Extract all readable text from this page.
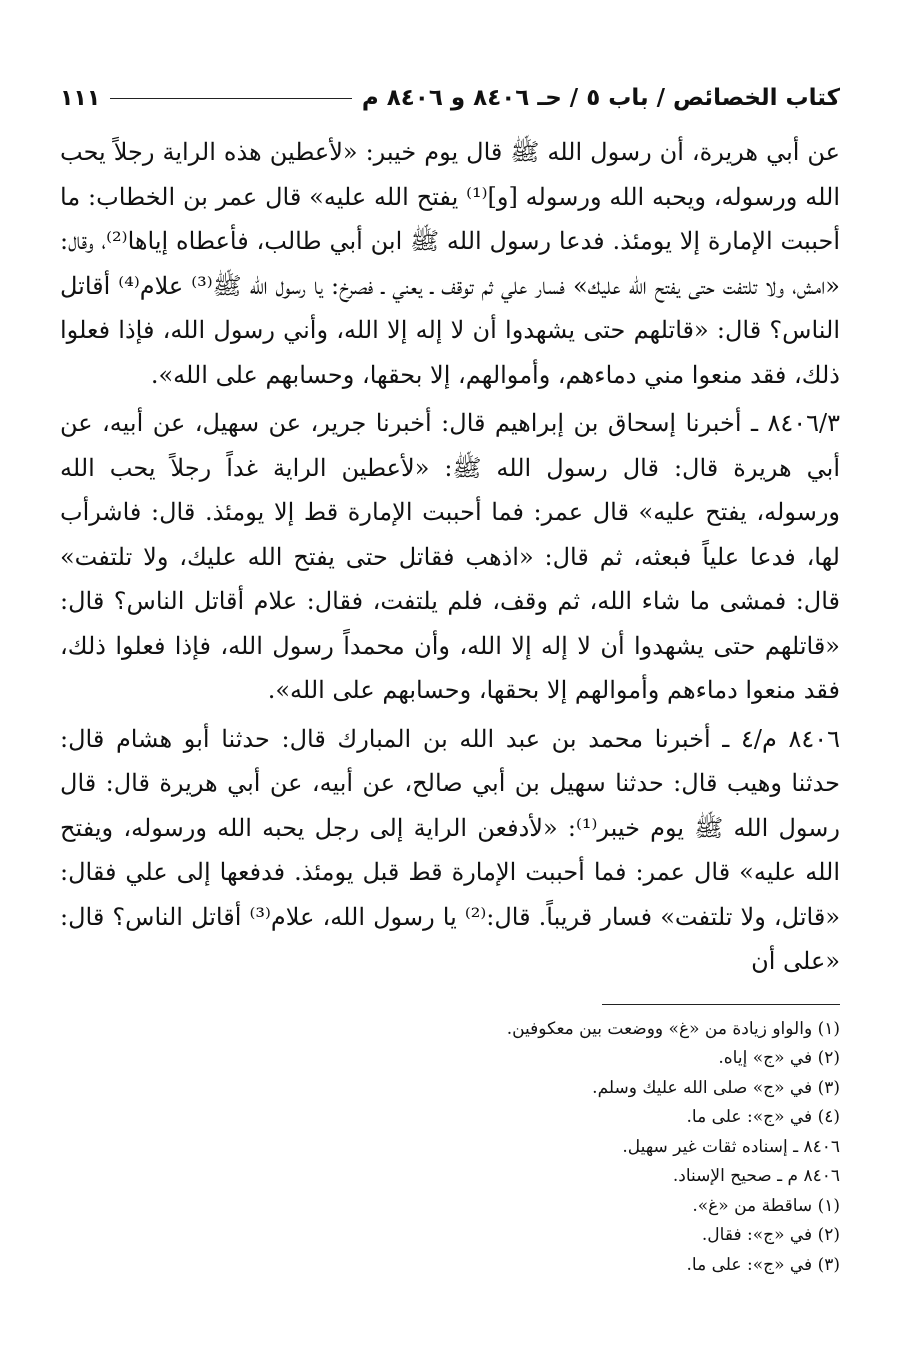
كتاب الخصائص / باب ٥ / حـ ٨٤٠٦ و ٨٤٠٦ م
١١١

عن أبي هريرة، أن رسول الله ﷺ قال يوم خيبر: «لأعطين هذه الراية رجلاً يحب الله ورسوله، ويحبه الله ورسوله [و]⁽¹⁾ يفتح الله عليه» قال عمر بن الخطاب: ما أحببت الإمارة إلا يومئذ. فدعا رسول الله ﷺ ابن أبي طالب، فأعطاه إياها⁽²⁾، وقال: «امش، ولا تلتفت حتى يفتح الله عليك» فسار علي ثم توقف ـ يعني ـ فصرخ: يا رسول الله ﷺ⁽³⁾ علام⁽⁴⁾ أقاتل الناس؟ قال: «قاتلهم حتى يشهدوا أن لا إله إلا الله، وأني رسول الله، فإذا فعلوا ذلك، فقد منعوا مني دماءهم، وأموالهم، إلا بحقها، وحسابهم على الله».

٨٤٠٦/٣ ـ أخبرنا إسحاق بن إبراهيم قال: أخبرنا جرير، عن سهيل، عن أبيه، عن أبي هريرة قال: قال رسول الله ﷺ: «لأعطين الراية غداً رجلاً يحب الله ورسوله، يفتح عليه» قال عمر: فما أحببت الإمارة قط إلا يومئذ. قال: فاشرأب لها، فدعا علياً فبعثه، ثم قال: «اذهب فقاتل حتى يفتح الله عليك، ولا تلتفت» قال: فمشى ما شاء الله، ثم وقف، فلم يلتفت، فقال: علام أقاتل الناس؟ قال: «قاتلهم حتى يشهدوا أن لا إله إلا الله، وأن محمداً رسول الله، فإذا فعلوا ذلك، فقد منعوا دماءهم وأموالهم إلا بحقها، وحسابهم على الله».

٨٤٠٦ م/٤ ـ أخبرنا محمد بن عبد الله بن المبارك قال: حدثنا أبو هشام قال: حدثنا وهيب قال: حدثنا سهيل بن أبي صالح، عن أبيه، عن أبي هريرة قال: قال رسول الله ﷺ يوم خيبر⁽¹⁾: «لأدفعن الراية إلى رجل يحبه الله ورسوله، ويفتح الله عليه» قال عمر: فما أحببت الإمارة قط قبل يومئذ. فدفعها إلى علي فقال: «قاتل، ولا تلتفت» فسار قريباً. قال:⁽²⁾ يا رسول الله، علام⁽³⁾ أقاتل الناس؟ قال: «على أن

(١) والواو زيادة من «غ» ووضعت بين معكوفين.

(٢) في «ج» إياه.

(٣) في «ج» صلى الله عليك وسلم.

(٤) في «ج»: على ما.

٨٤٠٦ ـ إسناده ثقات غير سهيل.

٨٤٠٦ م ـ صحيح الإسناد.

(١) ساقطة من «غ».

(٢) في «ج»: فقال.

(٣) في «ج»: على ما.
